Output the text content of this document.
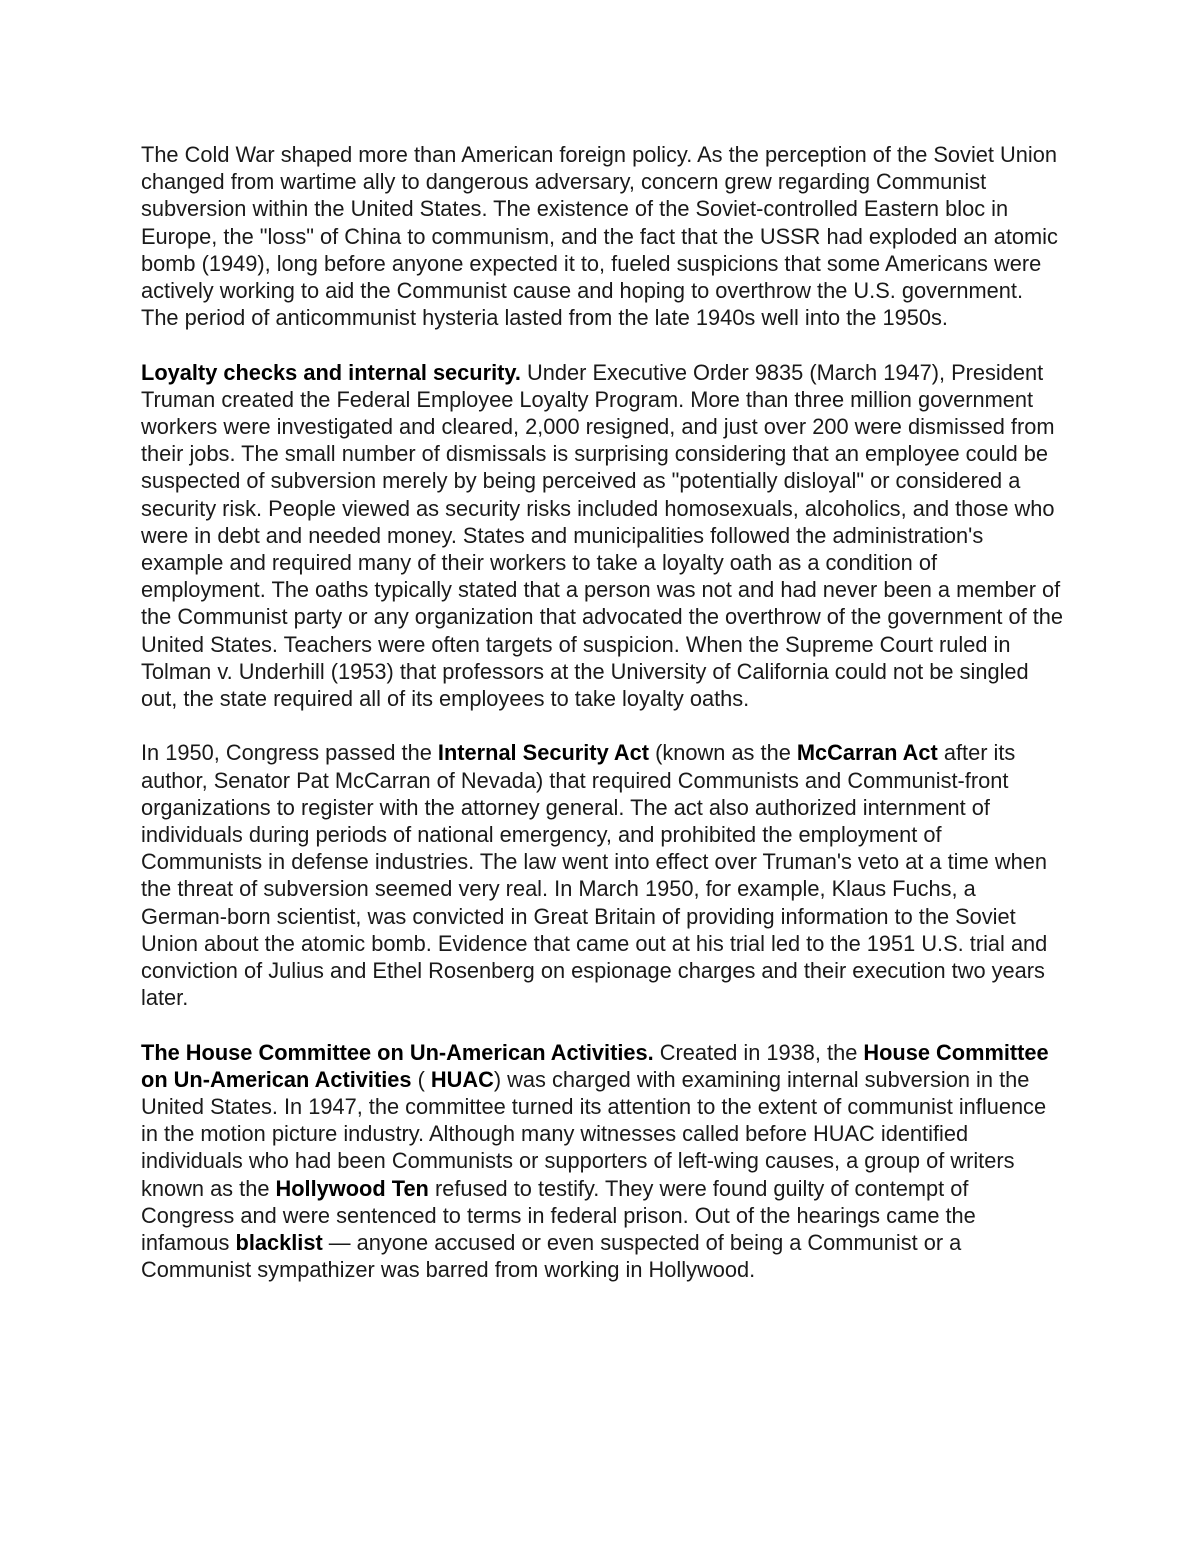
The Cold War shaped more than American foreign policy. As the perception of the Soviet Union changed from wartime ally to dangerous adversary, concern grew regarding Communist subversion within the United States. The existence of the Soviet-controlled Eastern bloc in Europe, the "loss" of China to communism, and the fact that the USSR had exploded an atomic bomb (1949), long before anyone expected it to, fueled suspicions that some Americans were actively working to aid the Communist cause and hoping to overthrow the U.S. government. The period of anticommunist hysteria lasted from the late 1940s well into the 1950s.

Loyalty checks and internal security. Under Executive Order 9835 (March 1947), President Truman created the Federal Employee Loyalty Program. More than three million government workers were investigated and cleared, 2,000 resigned, and just over 200 were dismissed from their jobs. The small number of dismissals is surprising considering that an employee could be suspected of subversion merely by being perceived as "potentially disloyal" or considered a security risk. People viewed as security risks included homosexuals, alcoholics, and those who were in debt and needed money. States and municipalities followed the administration's example and required many of their workers to take a loyalty oath as a condition of employment. The oaths typically stated that a person was not and had never been a member of the Communist party or any organization that advocated the overthrow of the government of the United States. Teachers were often targets of suspicion. When the Supreme Court ruled in Tolman v. Underhill (1953) that professors at the University of California could not be singled out, the state required all of its employees to take loyalty oaths.

In 1950, Congress passed the Internal Security Act (known as the McCarran Act after its author, Senator Pat McCarran of Nevada) that required Communists and Communist-front organizations to register with the attorney general. The act also authorized internment of individuals during periods of national emergency, and prohibited the employment of Communists in defense industries. The law went into effect over Truman's veto at a time when the threat of subversion seemed very real. In March 1950, for example, Klaus Fuchs, a German-born scientist, was convicted in Great Britain of providing information to the Soviet Union about the atomic bomb. Evidence that came out at his trial led to the 1951 U.S. trial and conviction of Julius and Ethel Rosenberg on espionage charges and their execution two years later.

The House Committee on Un-American Activities. Created in 1938, the House Committee on Un-American Activities ( HUAC) was charged with examining internal subversion in the United States. In 1947, the committee turned its attention to the extent of communist influence in the motion picture industry. Although many witnesses called before HUAC identified individuals who had been Communists or supporters of left-wing causes, a group of writers known as the Hollywood Ten refused to testify. They were found guilty of contempt of Congress and were sentenced to terms in federal prison. Out of the hearings came the infamous blacklist — anyone accused or even suspected of being a Communist or a Communist sympathizer was barred from working in Hollywood.
